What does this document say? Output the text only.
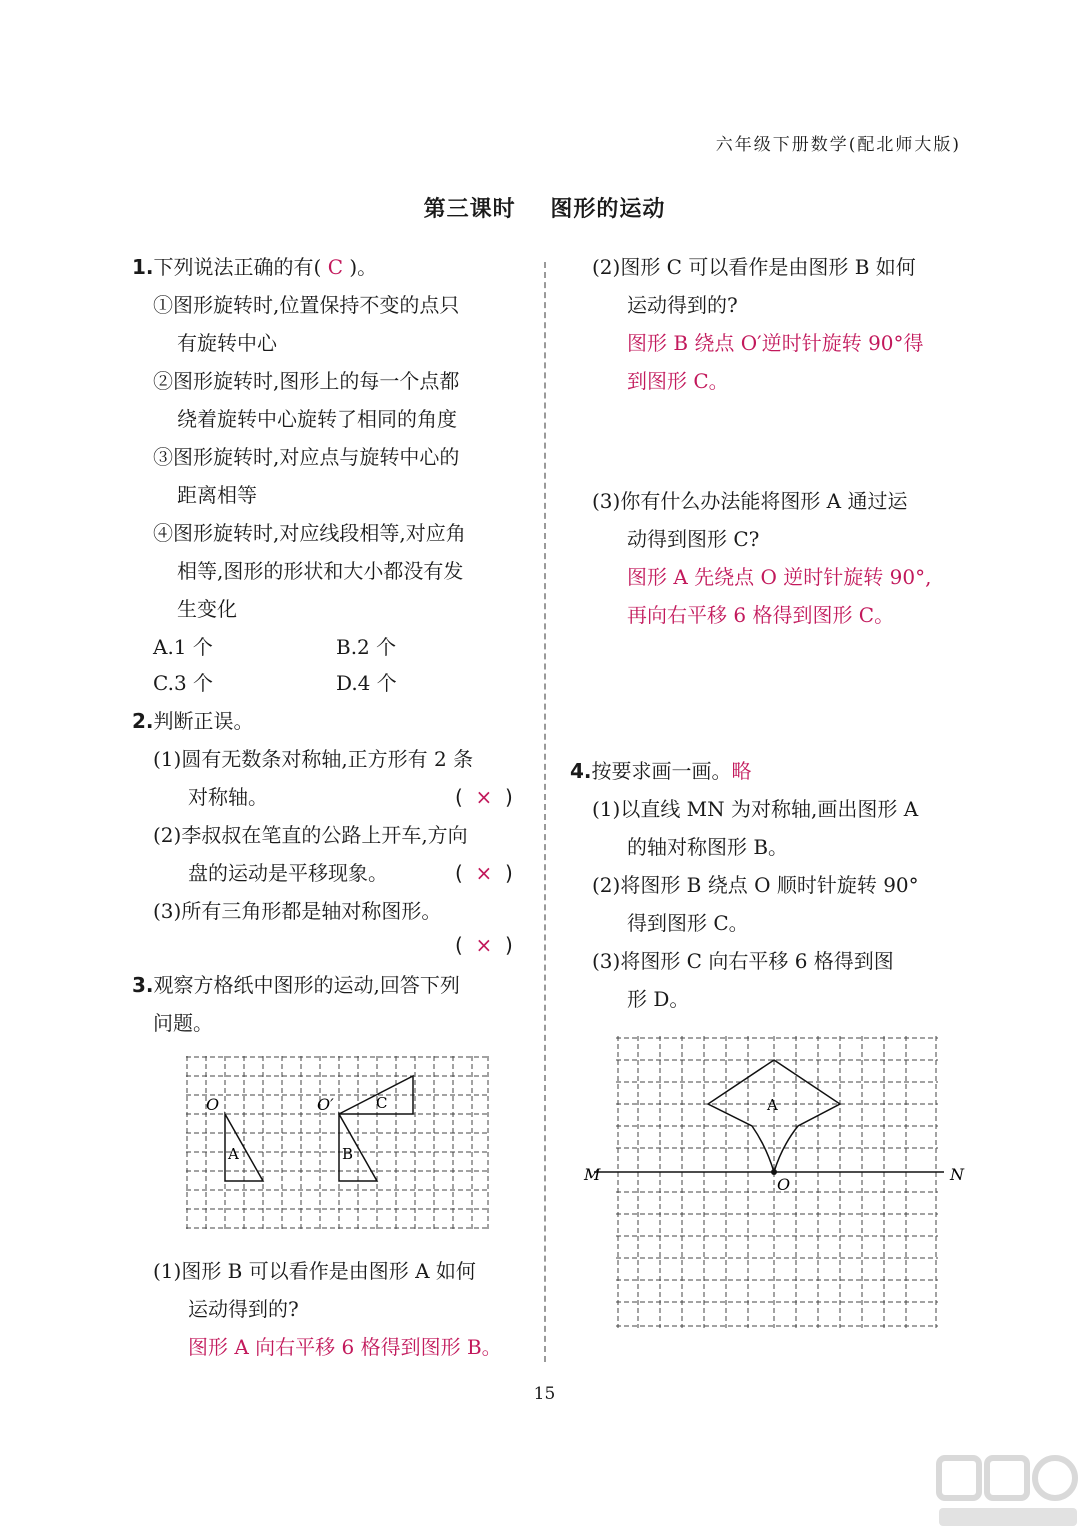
六年级下册数学(配北师大版)
第三课时 图形的运动
1.下列说法正确的有( C )。
①图形旋转时,位置保持不变的点只
有旋转中心
②图形旋转时,图形上的每一个点都
绕着旋转中心旋转了相同的角度
③图形旋转时,对应点与旋转中心的
距离相等
④图形旋转时,对应线段相等,对应角
相等,图形的形状和大小都没有发
生变化
A.1 个	B.2 个
C.3 个	D.4 个
2.判断正误。
(1)圆有无数条对称轴,正方形有 2 条
对称轴。	( × )
(2)李叔叔在笔直的公路上开车,方向
盘的运动是平移现象。	( × )
(3)所有三角形都是轴对称图形。
( × )
3.观察方格纸中图形的运动,回答下列
问题。
O	O′
A	B
C
(1)图形 B 可以看作是由图形 A 如何
运动得到的?
图形 A 向右平移 6 格得到图形 B。
(2)图形 C 可以看作是由图形 B 如何
运动得到的?
图形 B 绕点 O′逆时针旋转 90°得
到图形 C。
(3)你有什么办法能将图形 A 通过运
动得到图形 C?
图形 A 先绕点 O 逆时针旋转 90°,
再向右平移 6 格得到图形 C。
4.按要求画一画。略
(1)以直线 MN 为对称轴,画出图形 A
的轴对称图形 B。
(2)将图形 B 绕点 O 顺时针旋转 90°
得到图形 C。
(3)将图形 C 向右平移 6 格得到图
形 D。
M	N
O
A
15
